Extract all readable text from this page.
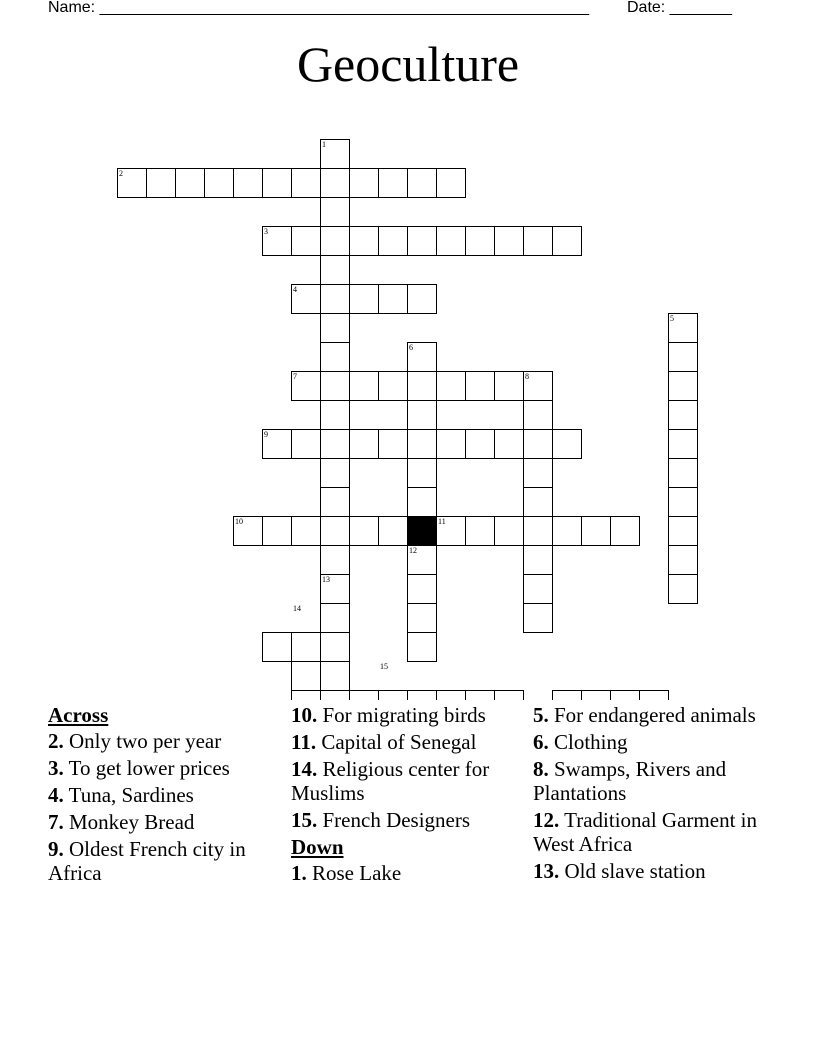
Name: _______________________________________________________ Date: _______
Geoculture
1
2
3
4
5
6
7	8
9
10	11
12
13
14
15
Across
2. Only two per year
3. To get lower prices
4. Tuna, Sardines
7. Monkey Bread
9. Oldest French city in Africa
10. For migrating birds
11. Capital of Senegal
14. Religious center for Muslims
15. French Designers
Down
1. Rose Lake
5. For endangered animals
6. Clothing
8. Swamps, Rivers and Plantations
12. Traditional Garment in West Africa
13. Old slave station
